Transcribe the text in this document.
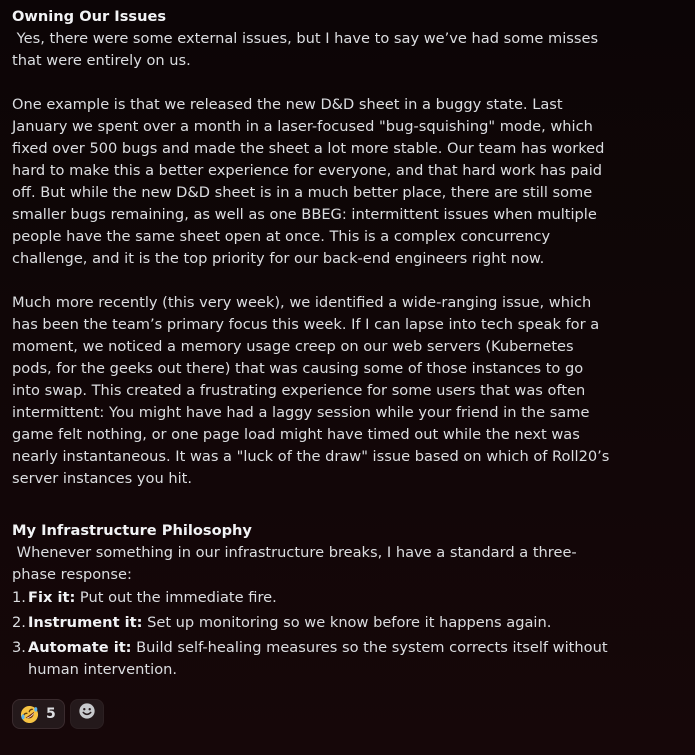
Owning Our Issues

Yes, there were some external issues, but I have to say we’ve had some misses that were entirely on us.

One example is that we released the new D&D sheet in a buggy state. Last January we spent over a month in a laser-focused "bug-squishing" mode, which fixed over 500 bugs and made the sheet a lot more stable. Our team has worked hard to make this a better experience for everyone, and that hard work has paid off. But while the new D&D sheet is in a much better place, there are still some smaller bugs remaining, as well as one BBEG: intermittent issues when multiple people have the same sheet open at once. This is a complex concurrency challenge, and it is the top priority for our back-end engineers right now.

Much more recently (this very week), we identified a wide-ranging issue, which has been the team’s primary focus this week. If I can lapse into tech speak for a moment, we noticed a memory usage creep on our web servers (Kubernetes pods, for the geeks out there) that was causing some of those instances to go into swap. This created a frustrating experience for some users that was often intermittent: You might have had a laggy session while your friend in the same game felt nothing, or one page load might have timed out while the next was nearly instantaneous. It was a "luck of the draw" issue based on which of Roll20’s server instances you hit.

My Infrastructure Philosophy

Whenever something in our infrastructure breaks, I have a standard a three-phase response:

1. Fix it: Put out the immediate fire.
2. Instrument it: Set up monitoring so we know before it happens again.
3. Automate it: Build self-healing measures so the system corrects itself without human intervention.
5
